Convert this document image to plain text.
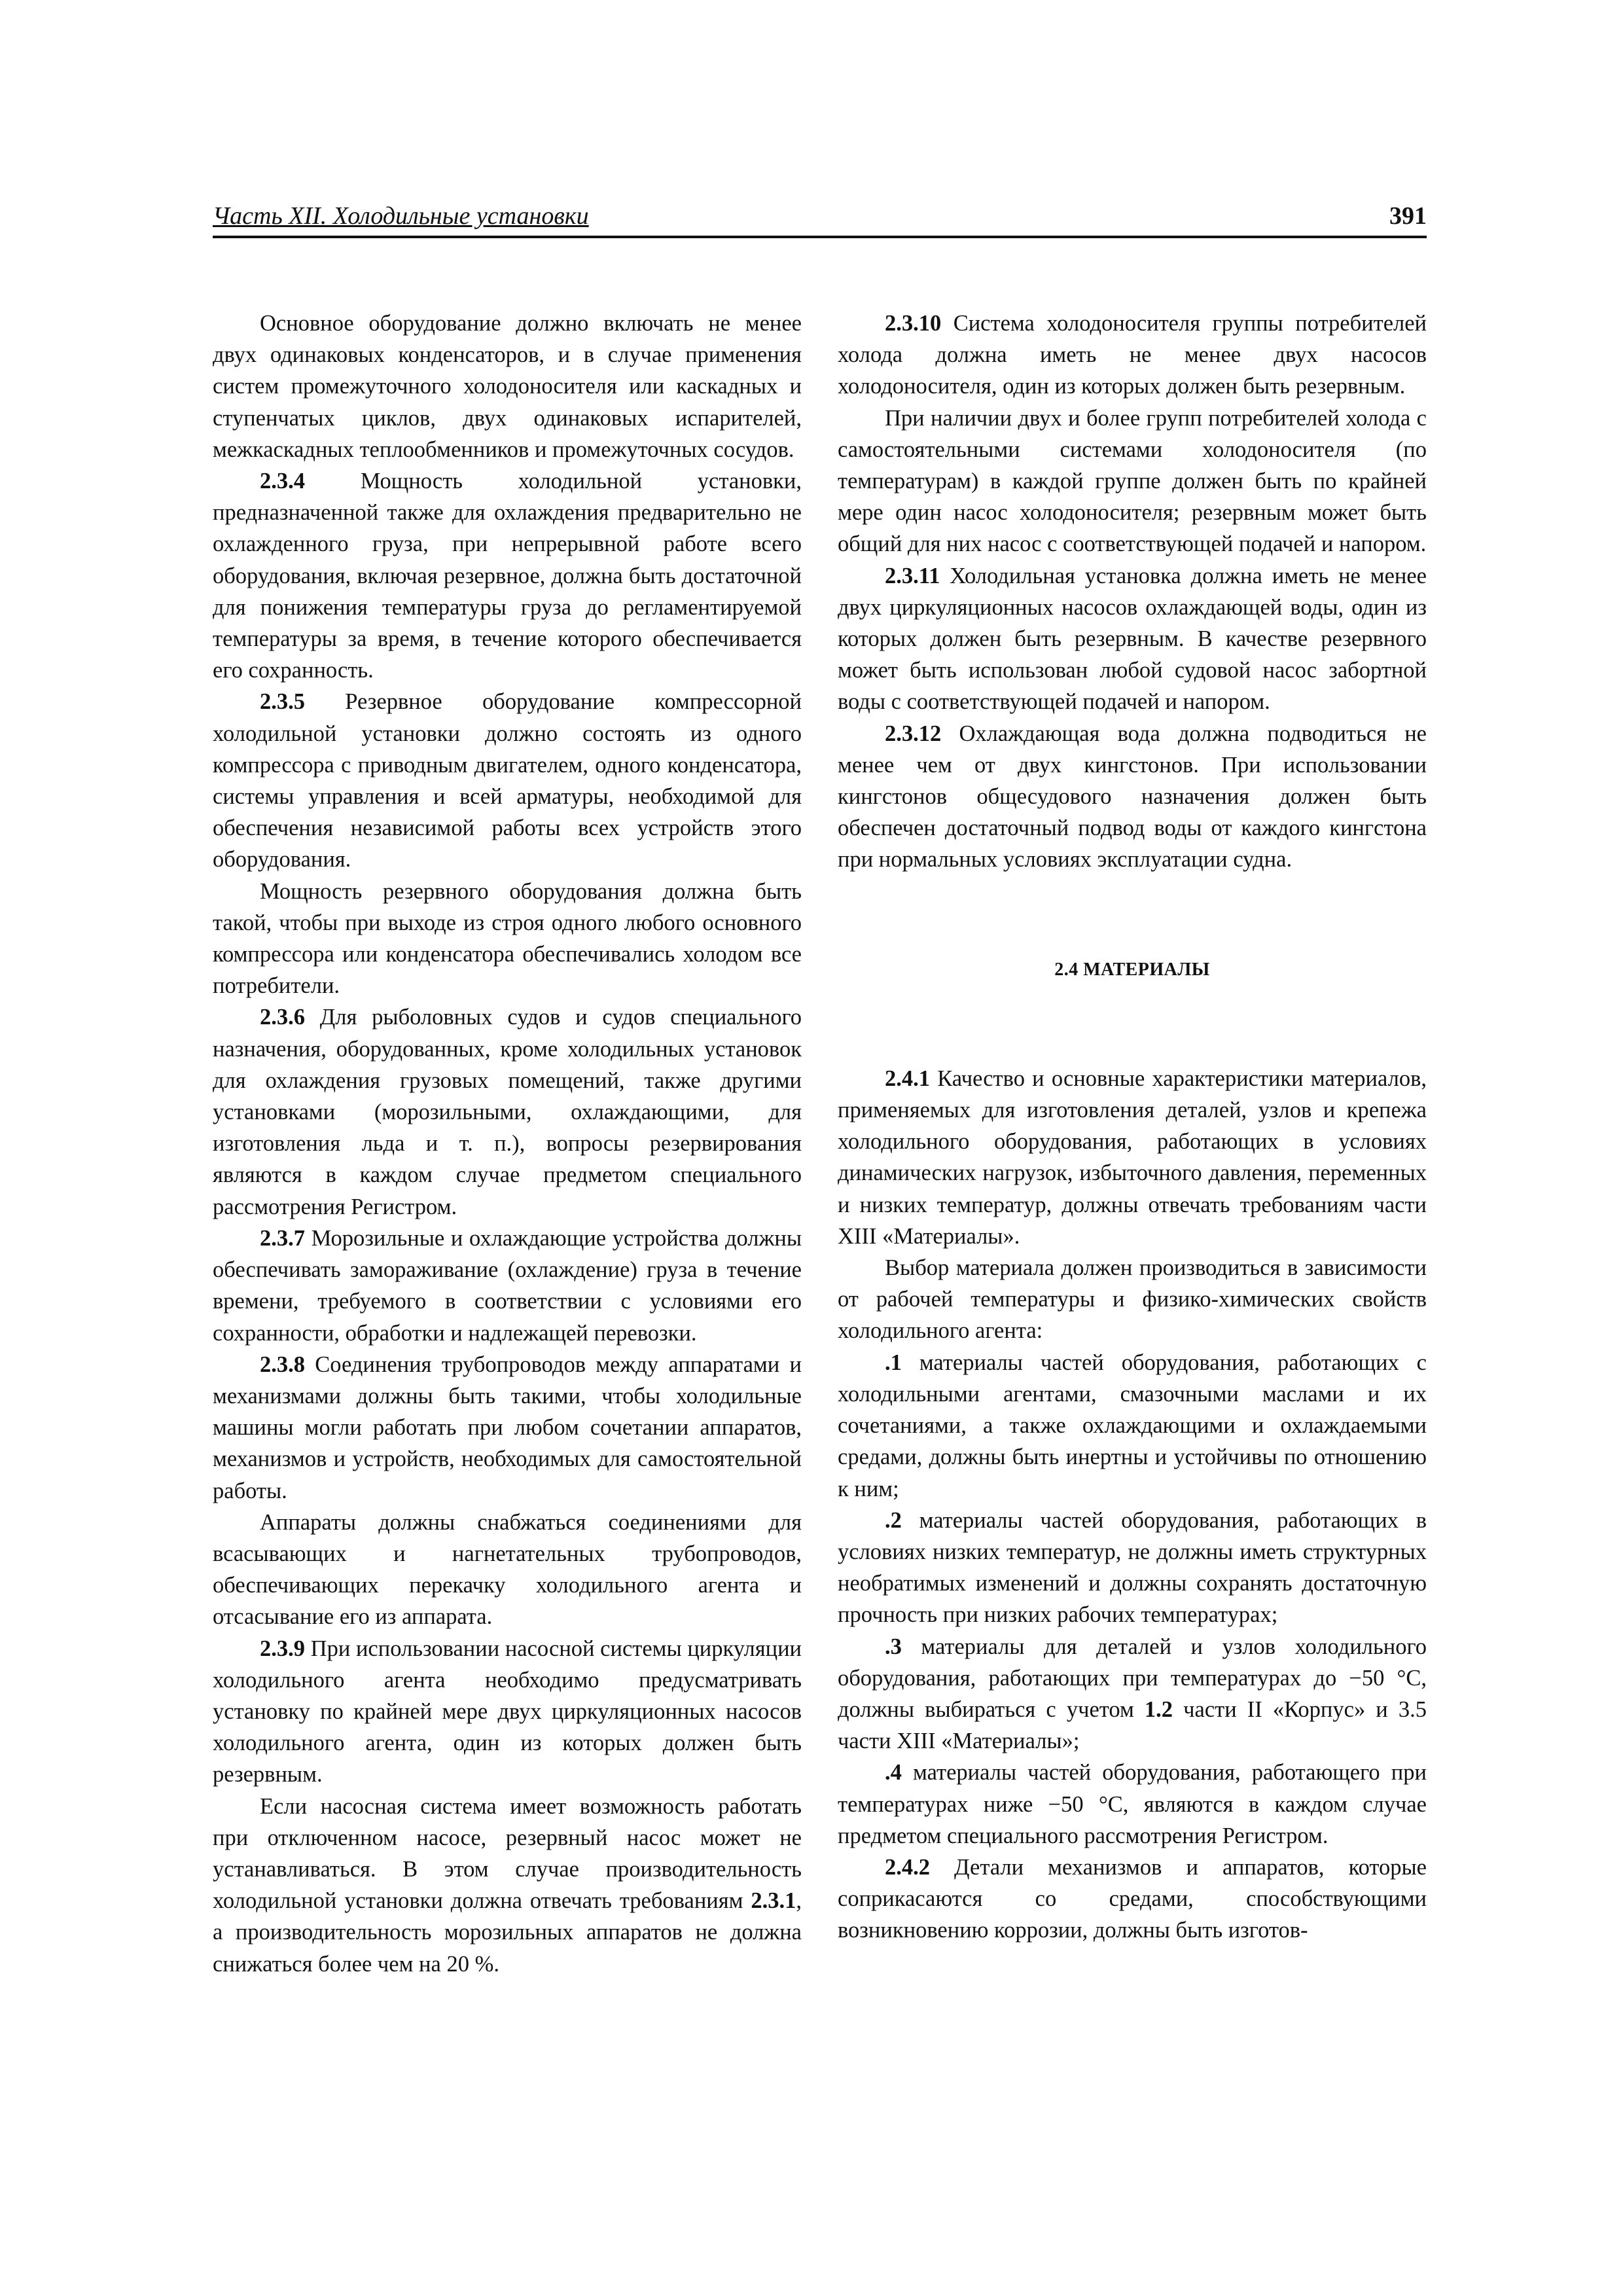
Часть XII. Холодильные установки	391

Основное оборудование должно включать не менее двух одинаковых конденсаторов, и в случае применения систем промежуточного холодоносителя или каскадных и ступенчатых циклов, двух одинаковых испарителей, межкаскадных теплообменников и промежуточных сосудов.

2.3.4 Мощность холодильной установки, предназначенной также для охлаждения предварительно не охлажденного груза, при непрерывной работе всего оборудования, включая резервное, должна быть достаточной для понижения температуры груза до регламентируемой температуры за время, в течение которого обеспечивается его сохранность.

2.3.5 Резервное оборудование компрессорной холодильной установки должно состоять из одного компрессора с приводным двигателем, одного конденсатора, системы управления и всей арматуры, необходимой для обеспечения независимой работы всех устройств этого оборудования.

Мощность резервного оборудования должна быть такой, чтобы при выходе из строя одного любого основного компрессора или конденсатора обеспечивались холодом все потребители.

2.3.6 Для рыболовных судов и судов специального назначения, оборудованных, кроме холодильных установок для охлаждения грузовых помещений, также другими установками (морозильными, охлаждающими, для изготовления льда и т. п.), вопросы резервирования являются в каждом случае предметом специального рассмотрения Регистром.

2.3.7 Морозильные и охлаждающие устройства должны обеспечивать замораживание (охлаждение) груза в течение времени, требуемого в соответствии с условиями его сохранности, обработки и надлежащей перевозки.

2.3.8 Соединения трубопроводов между аппаратами и механизмами должны быть такими, чтобы холодильные машины могли работать при любом сочетании аппаратов, механизмов и устройств, необходимых для самостоятельной работы.

Аппараты должны снабжаться соединениями для всасывающих и нагнетательных трубопроводов, обеспечивающих перекачку холодильного агента и отсасывание его из аппарата.

2.3.9 При использовании насосной системы циркуляции холодильного агента необходимо предусматривать установку по крайней мере двух циркуляционных насосов холодильного агента, один из которых должен быть резервным.

Если насосная система имеет возможность работать при отключенном насосе, резервный насос может не устанавливаться. В этом случае производительность холодильной установки должна отвечать требованиям 2.3.1, а производительность морозильных аппаратов не должна снижаться более чем на 20 %.

2.3.10 Система холодоносителя группы потребителей холода должна иметь не менее двух насосов холодоносителя, один из которых должен быть резервным.

При наличии двух и более групп потребителей холода с самостоятельными системами холодоносителя (по температурам) в каждой группе должен быть по крайней мере один насос холодоносителя; резервным может быть общий для них насос с соответствующей подачей и напором.

2.3.11 Холодильная установка должна иметь не менее двух циркуляционных насосов охлаждающей воды, один из которых должен быть резервным. В качестве резервного может быть использован любой судовой насос забортной воды с соответствующей подачей и напором.

2.3.12 Охлаждающая вода должна подводиться не менее чем от двух кингстонов. При использовании кингстонов общесудового назначения должен быть обеспечен достаточный подвод воды от каждого кингстона при нормальных условиях эксплуатации судна.

2.4 МАТЕРИАЛЫ

2.4.1 Качество и основные характеристики материалов, применяемых для изготовления деталей, узлов и крепежа холодильного оборудования, работающих в условиях динамических нагрузок, избыточного давления, переменных и низких температур, должны отвечать требованиям части XIII «Материалы».

Выбор материала должен производиться в зависимости от рабочей температуры и физико-химических свойств холодильного агента:

.1 материалы частей оборудования, работающих с холодильными агентами, смазочными маслами и их сочетаниями, а также охлаждающими и охлаждаемыми средами, должны быть инертны и устойчивы по отношению к ним;

.2 материалы частей оборудования, работающих в условиях низких температур, не должны иметь структурных необратимых изменений и должны сохранять достаточную прочность при низких рабочих температурах;

.3 материалы для деталей и узлов холодильного оборудования, работающих при температурах до −50 °С, должны выбираться с учетом 1.2 части II «Корпус» и 3.5 части XIII «Материалы»;

.4 материалы частей оборудования, работающего при температурах ниже −50 °С, являются в каждом случае предметом специального рассмотрения Регистром.

2.4.2 Детали механизмов и аппаратов, которые соприкасаются со средами, способствующими возникновению коррозии, должны быть изготов-
